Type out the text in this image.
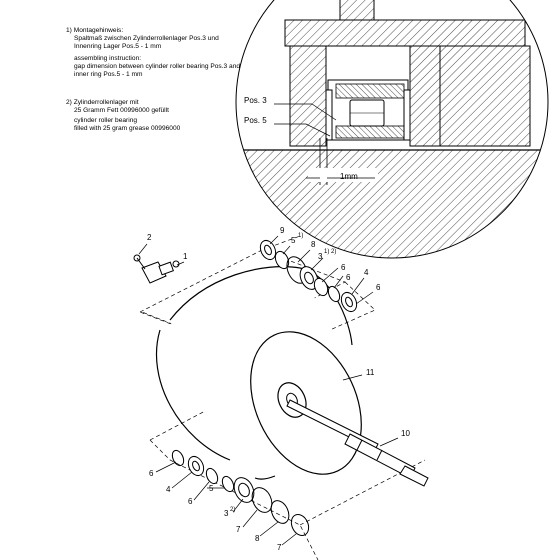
1) Montagehinweis:
Spaltmaß zwischen Zylinderrollenlager Pos.3 und
Innenring Lager Pos.5 - 1 mm
assembling instruction:
gap dimension between cylinder roller bearing Pos.3 and
inner ring Pos.5 - 1 mm
2) Zylinderrollenlager mit
25 Gramm Fett 00996000 gefüllt
cylinder roller bearing
filled with 25 gram grease 00996000
Pos. 3
Pos. 5
1mm
2
1
9
5 1)
8
3 1) 2)
6
6
4
6
11
10
6
4
6
5
3 2)
7
8
7
